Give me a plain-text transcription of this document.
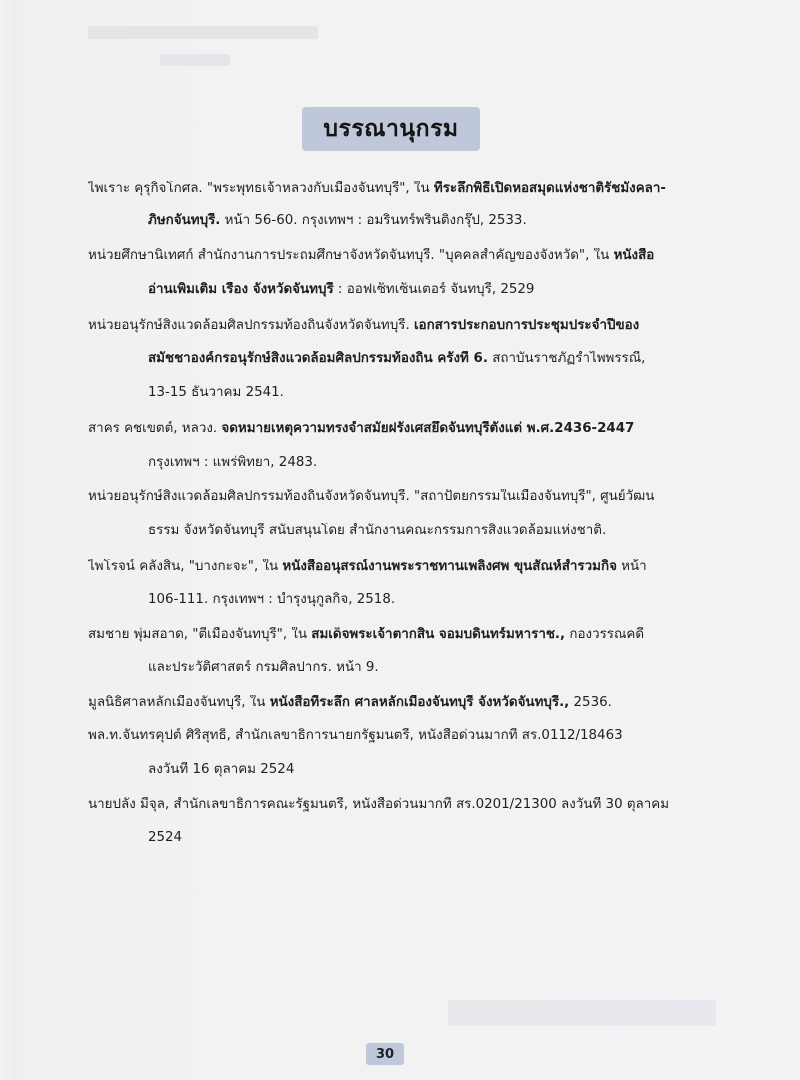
บรรณานุกรม
ไพเราะ คุรุกิจโกศล. "พระพุทธเจ้าหลวงกับเมืองจันทบุรี", ใน ที่ระลึกพิธีเปิดหอสมุดแห่งชาติรัชมังคลา-
ภิษกจันทบุรี. หน้า 56-60. กรุงเทพฯ : อมรินทร์พรินติ้งกรุ๊ป, 2533.
หน่วยศึกษานิเทศก์ สำนักงานการประถมศึกษาจังหวัดจันทบุรี. "บุคคลสำคัญของจังหวัด", ใน หนังสือ
อ่านเพิ่มเติม เรื่อง จังหวัดจันทบุรี : ออฟเซ็ทเซ็นเตอร์ จันทบุรี, 2529
หน่วยอนุรักษ์สิ่งแวดล้อมศิลปกรรมท้องถิ่นจังหวัดจันทบุรี. เอกสารประกอบการประชุมประจำปีของ
สมัชชาองค์กรอนุรักษ์สิ่งแวดล้อมศิลปกรรมท้องถิ่น ครั้งที่ 6. สถาบันราชภัฏรำไพพรรณี,
13-15 ธันวาคม 2541.
สาคร คชเขตต์, หลวง. จดหมายเหตุความทรงจำสมัยฝรั่งเศสยึดจันทบุรีตั้งแต่ พ.ศ.2436-2447
กรุงเทพฯ : แพร่พิทยา, 2483.
หน่วยอนุรักษ์สิ่งแวดล้อมศิลปกรรมท้องถิ่นจังหวัดจันทบุรี. "สถาปัตยกรรมในเมืองจันทบุรี", ศูนย์วัฒน
ธรรม จังหวัดจันทบุรี สนับสนุนโดย สำนักงานคณะกรรมการสิ่งแวดล้อมแห่งชาติ.
ไพโรจน์ คลังสิน, "บางกะจะ", ใน หนังสืออนุสรณ์งานพระราชทานเพลิงศพ ขุนสัณห์สำรวมกิจ หน้า
106-111. กรุงเทพฯ : บำรุงนุกูลกิจ, 2518.
สมชาย พุ่มสอาด, "ตีเมืองจันทบุรี", ใน สมเด็จพระเจ้าตากสิน จอมบดินทร์มหาราช., กองวรรณคดี
และประวัติศาสตร์ กรมศิลปากร. หน้า 9.
มูลนิธิศาลหลักเมืองจันทบุรี, ใน หนังสือที่ระลึก ศาลหลักเมืองจันทบุรี จังหวัดจันทบุรี., 2536.
พล.ท.จันทรคุปต์ ศิริสุทธิ์, สำนักเลขาธิการนายกรัฐมนตรี, หนังสือด่วนมากที่ สร.0112/18463
ลงวันที่ 16 ตุลาคม 2524
นายปลั่ง มีจุล, สำนักเลขาธิการคณะรัฐมนตรี, หนังสือด่วนมากที่ สร.0201/21300 ลงวันที่ 30 ตุลาคม
2524
30
